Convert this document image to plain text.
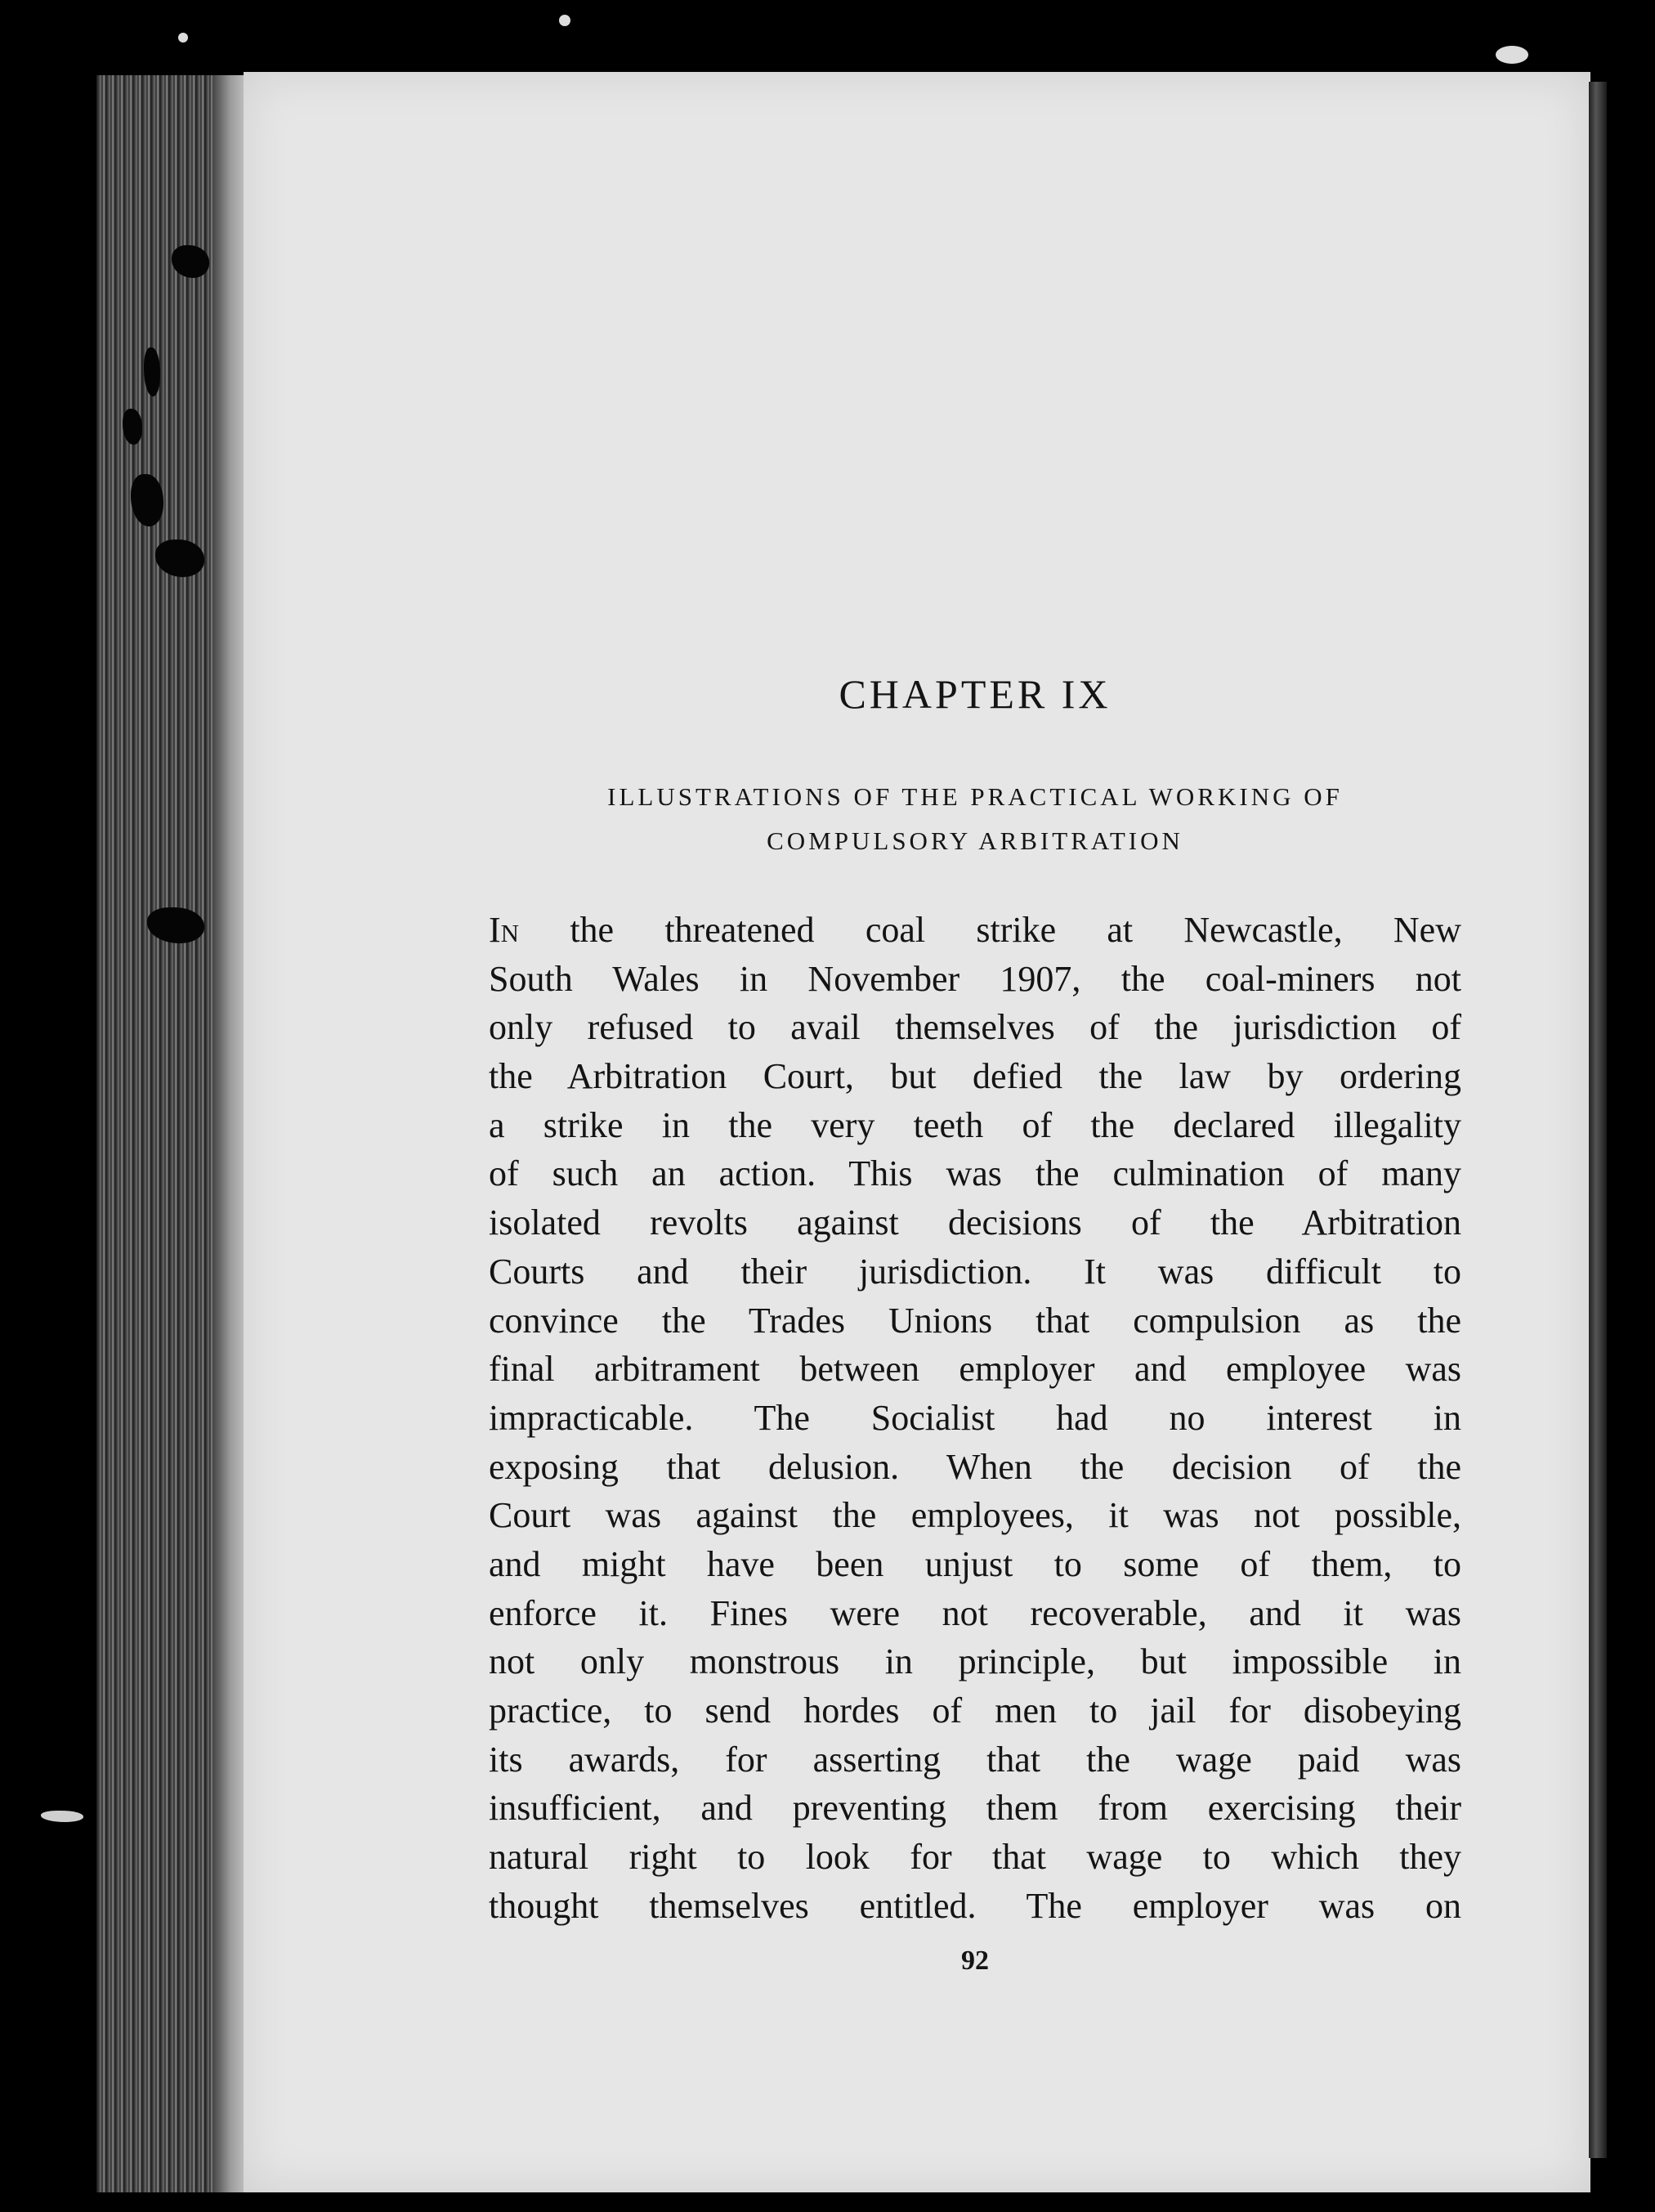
CHAPTER IX
ILLUSTRATIONS OF THE PRACTICAL WORKING OF
COMPULSORY ARBITRATION
In the threatened coal strike at Newcastle, New
South Wales in November 1907, the coal-miners not
only refused to avail themselves of the jurisdiction of
the Arbitration Court, but defied the law by ordering
a strike in the very teeth of the declared illegality
of such an action. This was the culmination of many
isolated revolts against decisions of the Arbitration
Courts and their jurisdiction. It was difficult to
convince the Trades Unions that compulsion as the
final arbitrament between employer and employee was
impracticable. The Socialist had no interest in
exposing that delusion. When the decision of the
Court was against the employees, it was not possible,
and might have been unjust to some of them, to
enforce it. Fines were not recoverable, and it was
not only monstrous in principle, but impossible in
practice, to send hordes of men to jail for disobeying
its awards, for asserting that the wage paid was
insufficient, and preventing them from exercising their
natural right to look for that wage to which they
thought themselves entitled. The employer was on
92
